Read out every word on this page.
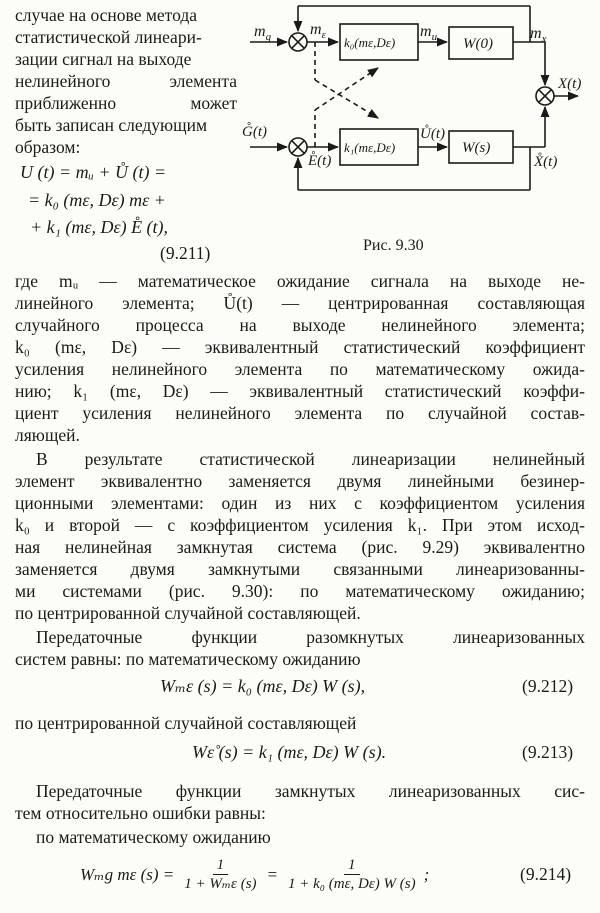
случае на основе метода
статистической линеари-
зации сигнал на выходе
нелинейного элемента
приближенно может
быть записан следующим
образом:
U (t) = mᵤ + Ů (t) =
= k₀ (mε, Dε) mε +
+ k₁ (mε, Dε) E̊ (t),
(9.211)
$m_g$ $m_\varepsilon$	$m_u$	$m_x$
X(t)
G̊(t)
E̊(t)
Ů(t)
X̊(t)
k₀(mε,Dε)
k₁(mε,Dε)
W(0)
W(s)
Рис. 9.30
где mᵤ — математическое ожидание сигнала на выходе не-
линейного элемента; Ů(t) — центрированная составляющая
случайного процесса на выходе нелинейного элемента;
k₀ (mε, Dε) — эквивалентный статистический коэффициент
усиления нелинейного элемента по математическому ожида-
нию; k₁ (mε, Dε) — эквивалентный статистический коэффи-
циент усиления нелинейного элемента по случайной состав-
ляющей.
В результате статистической линеаризации нелинейный
элемент эквивалентно заменяется двумя линейными безинер-
ционными элементами: один из них с коэффициентом усиления
k₀ и второй — с коэффициентом усиления k₁. При этом исход-
ная нелинейная замкнутая система (рис. 9.29) эквивалентно
заменяется двумя замкнутыми связанными линеаризованны-
ми системами (рис. 9.30): по математическому ожиданию;
по центрированной случайной составляющей.
Передаточные функции разомкнутых линеаризованных
систем равны: по математическому ожиданию
Wₘε (s) = k₀ (mε, Dε) W (s),	(9.212)
по центрированной случайной составляющей
Wε̊ (s) = k₁ (mε, Dε) W (s).	(9.213)
Передаточные функции замкнутых линеаризованных сис-
тем относительно ошибки равны:
по математическому ожиданию
Wₘg mε $(s) = \frac{1}{\text{1 + Wₘε (s)}} = \frac{1}{\text{1 + k₀ (mε, Dε) W (s)}}$ ;	(9.214)
